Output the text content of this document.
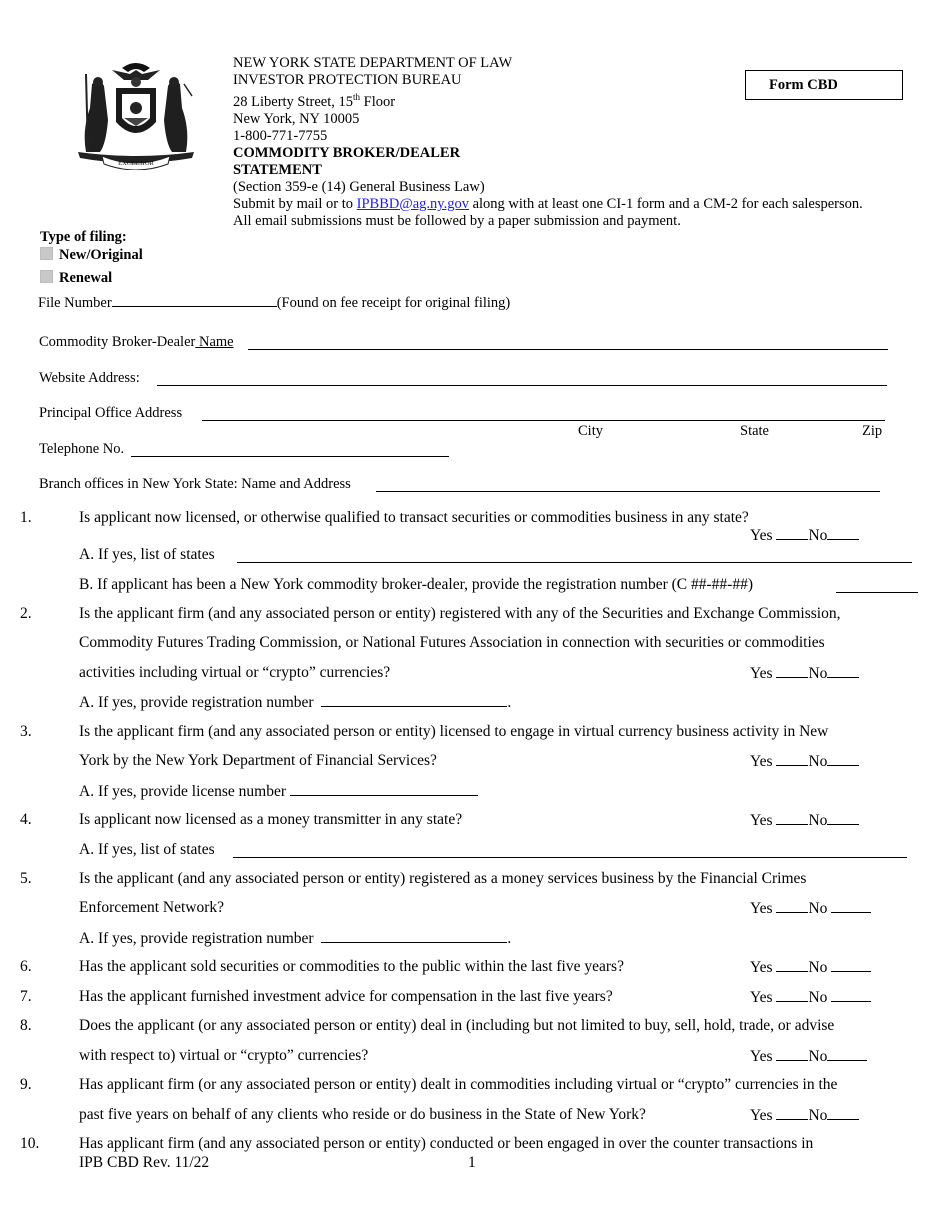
EXCELSIOR
NEW YORK STATE DEPARTMENT OF LAW
INVESTOR PROTECTION BUREAU
28 Liberty Street, 15th Floor
New York, NY 10005
1-800-771-7755
COMMODITY BROKER/DEALER
STATEMENT
(Section 359-e (14) General Business Law)
Submit by mail or to IPBBD@ag.ny.gov along with at least one CI-1 form and a CM-2 for each salesperson.
All email submissions must be followed by a paper submission and payment.
Form CBD
Type of filing:
New/Original
Renewal
File Number	(Found on fee receipt for original filing)
Commodity Broker-Dealer Name
Website Address:
Principal Office Address
City	State	Zip
Telephone No.
Branch offices in New York State: Name and Address
1.	Is applicant now licensed, or otherwise qualified to transact securities or commodities business in any state?
Yes No
A. If yes, list of states
B. If applicant has been a New York commodity broker-dealer, provide the registration number (C ##-##-##)
2.	Is the applicant firm (and any associated person or entity) registered with any of the Securities and Exchange Commission,
Commodity Futures Trading Commission, or National Futures Association in connection with securities or commodities
activities including virtual or “crypto” currencies?	Yes No
A. If yes, provide registration number	.
3.	Is the applicant firm (and any associated person or entity) licensed to engage in virtual currency business activity in New
York by the New York Department of Financial Services?	Yes No
A. If yes, provide license number
4.	Is applicant now licensed as a money transmitter in any state?	Yes No
A. If yes, list of states
5.	Is the applicant (and any associated person or entity) registered as a money services business by the Financial Crimes
Enforcement Network?	Yes No
A. If yes, provide registration number	.
6.	Has the applicant sold securities or commodities to the public within the last five years?	Yes No
7.	Has the applicant furnished investment advice for compensation in the last five years?	Yes No
8.	Does the applicant (or any associated person or entity) deal in (including but not limited to buy, sell, hold, trade, or advise
with respect to) virtual or “crypto” currencies?	Yes No
9.	Has applicant firm (or any associated person or entity) dealt in commodities including virtual or “crypto” currencies in the
past five years on behalf of any clients who reside or do business in the State of New York?	Yes No
10.	Has applicant firm (and any associated person or entity) conducted or been engaged in over the counter transactions in
IPB CBD Rev. 11/22	1
